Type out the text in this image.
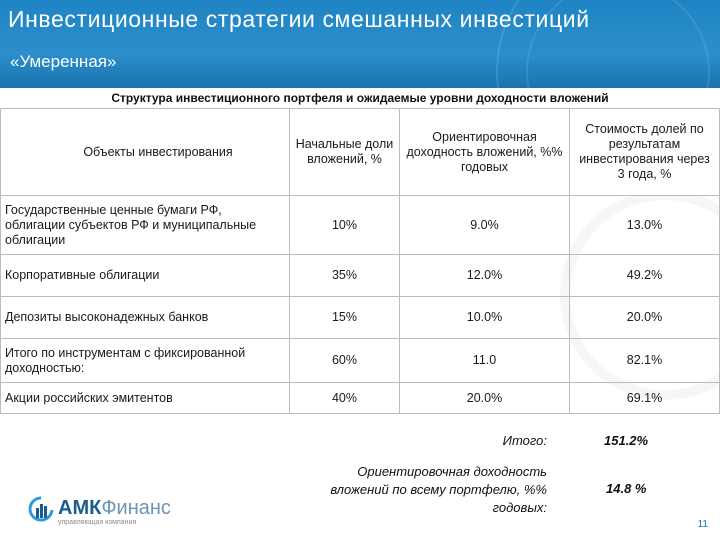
Инвестиционные стратегии смешанных инвестиций
«Умеренная»
Структура инвестиционного портфеля и ожидаемые уровни доходности вложений
Объекты инвестирования	Начальные доли вложений, %	Ориентировочная доходность вложений, %% годовых	Стоимость долей по результатам инвестирования через 3 года, %
Государственные ценные бумаги РФ, облигации субъектов РФ и муниципальные облигации	10%	9.0%	13.0%
Корпоративные облигации	35%	12.0%	49.2%
Депозиты высоконадежных банков	15%	10.0%	20.0%
Итого по инструментам с фиксированной доходностью:	60%	11.0	82.1%
Акции российских эмитентов	40%	20.0%	69.1%
Итого:	151.2%
Ориентировочная доходность вложений по всему портфелю, %% годовых:
14.8 %
АМКФинанс
управляющая компания	11
